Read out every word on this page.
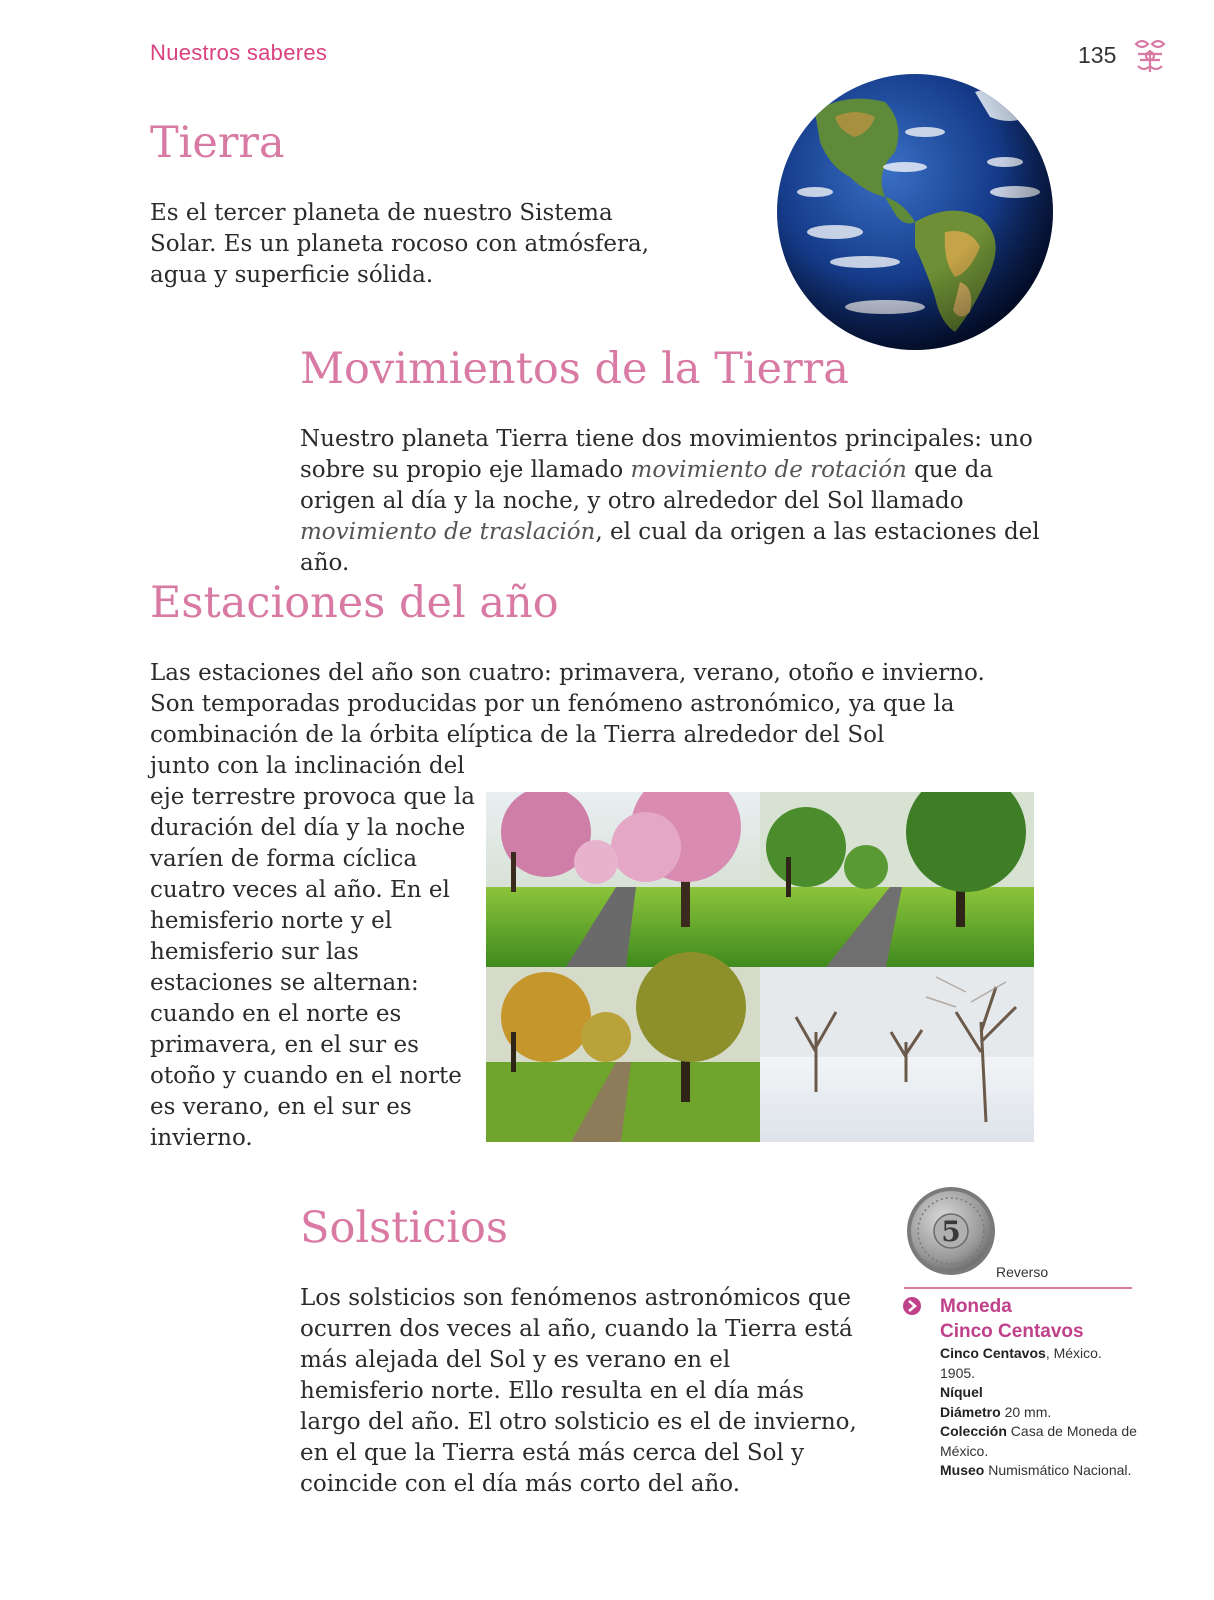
Nuestros saberes	135
Tierra

Es el tercer planeta de nuestro Sistema Solar. Es un planeta rocoso con atmósfera, agua y superficie sólida.

Movimientos de la Tierra

Nuestro planeta Tierra tiene dos movimientos principales: uno sobre su propio eje llamado movimiento de rotación que da origen al día y la noche, y otro alrededor del Sol llamado movimiento de traslación, el cual da origen a las estaciones del año.

Estaciones del año

Las estaciones del año son cuatro: primavera, verano, otoño e invierno. Son temporadas producidas por un fenómeno astronómico, ya que la combinación de la órbita elíptica de la Tierra alrededor del Sol

junto con la inclinación del eje terrestre provoca que la duración del día y la noche varíen de forma cíclica cuatro veces al año. En el hemisferio norte y el hemisferio sur las estaciones se alternan: cuando en el norte es primavera, en el sur es otoño y cuando en el norte es verano, en el sur es invierno.

Solsticios

Los solsticios son fenómenos astronómicos que ocurren dos veces al año, cuando la Tierra está más alejada del Sol y es verano en el hemisferio norte. Ello resulta en el día más largo del año. El otro solsticio es el de invierno, en el que la Tierra está más cerca del Sol y coincide con el día más corto del año.

5
Reverso
Moneda
Cinco Centavos
Cinco Centavos, México.
1905.
Níquel
Diámetro 20 mm.
Colección Casa de Moneda de México.
Museo Numismático Nacional.
